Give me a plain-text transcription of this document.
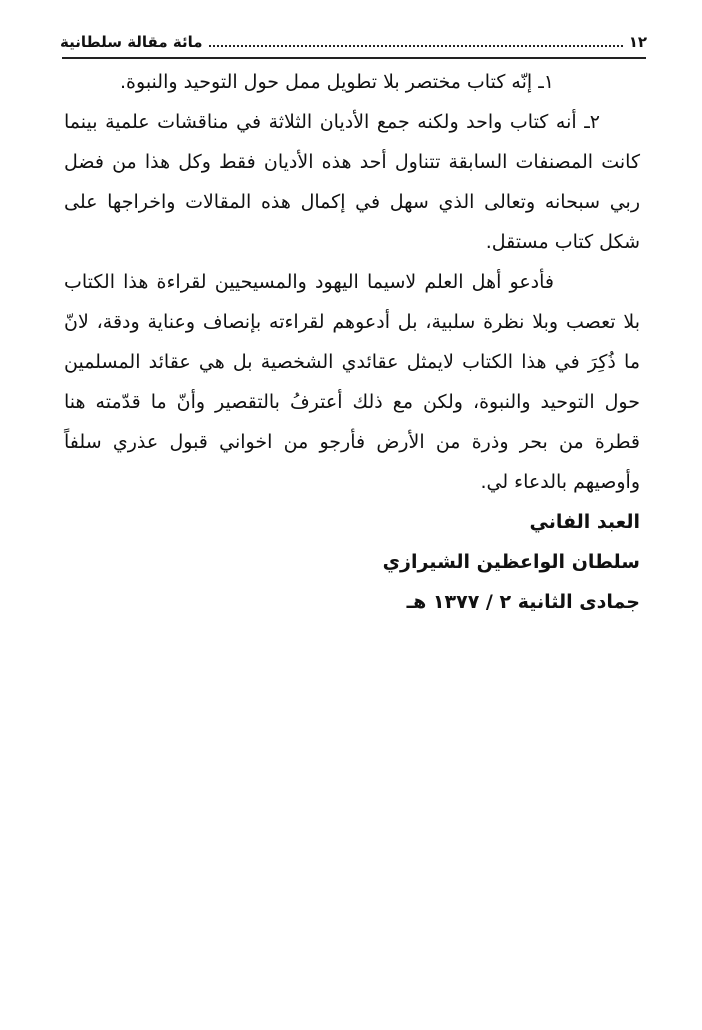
١٢
مائة مقالة سلطانية

١ـ إنّه كتاب مختصر بلا تطويل ممل حول التوحيد والنبوة.

٢ـ أنه كتاب واحد ولكنه جمع الأديان الثلاثة في مناقشات علمية بينما كانت المصنفات السابقة تتناول أحد هذه الأديان فقط وكل هذا من فضل ربي سبحانه وتعالى الذي سهل في إكمال هذه المقالات واخراجها على شكل كتاب مستقل.

فأدعو أهل العلم لاسيما اليهود والمسيحيين لقراءة هذا الكتاب بلا تعصب وبلا نظرة سلبية، بل أدعوهم لقراءته بإنصاف وعناية ودقة، لانّ ما ذُكِرَ في هذا الكتاب لايمثل عقائدي الشخصية بل هي عقائد المسلمين حول التوحيد والنبوة، ولكن مع ذلك أعترفُ بالتقصير وأنّ ما قدّمته هنا قطرة من بحر وذرة من الأرض فأرجو من اخواني قبول عذري سلفاً وأوصيهم بالدعاء لي.

العبد الفاني

سلطان الواعظين الشيرازي

جمادى الثانية ٢ / ١٣٧٧ هـ
